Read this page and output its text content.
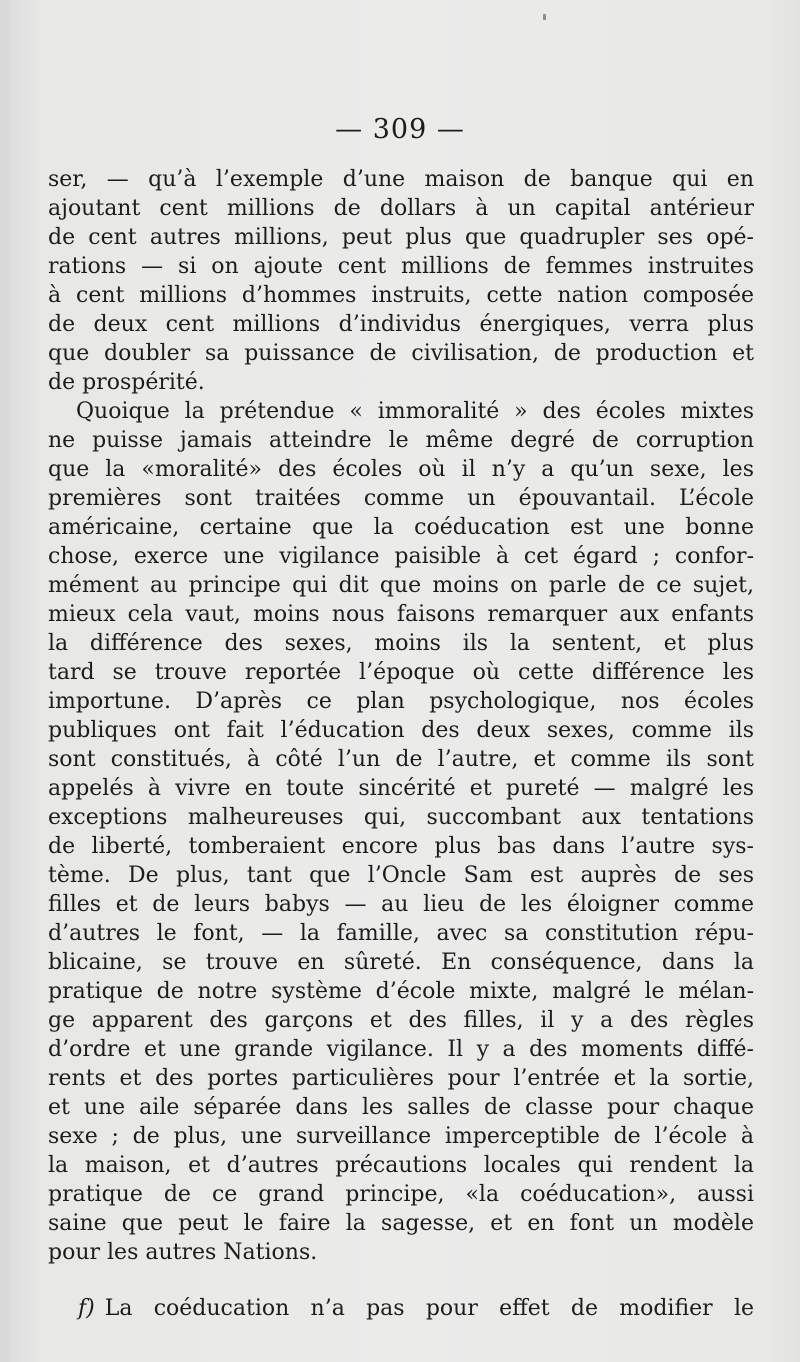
— 309 —
ser, — qu’à l’exemple d’une maison de banque qui en
ajoutant cent millions de dollars à un capital antérieur
de cent autres millions, peut plus que quadrupler ses opé-
rations — si on ajoute cent millions de femmes instruites
à cent millions d’hommes instruits, cette nation composée
de deux cent millions d’individus énergiques, verra plus
que doubler sa puissance de civilisation, de production et
de prospérité.
Quoique la prétendue « immoralité » des écoles mixtes
ne puisse jamais atteindre le même degré de corruption
que la «moralité» des écoles où il n’y a qu’un sexe, les
premières sont traitées comme un épouvantail. L’école
américaine, certaine que la coéducation est une bonne
chose, exerce une vigilance paisible à cet égard ; confor-
mément au principe qui dit que moins on parle de ce sujet,
mieux cela vaut, moins nous faisons remarquer aux enfants
la différence des sexes, moins ils la sentent, et plus
tard se trouve reportée l’époque où cette différence les
importune. D’après ce plan psychologique, nos écoles
publiques ont fait l’éducation des deux sexes, comme ils
sont constitués, à côté l’un de l’autre, et comme ils sont
appelés à vivre en toute sincérité et pureté — malgré les
exceptions malheureuses qui, succombant aux tentations
de liberté, tomberaient encore plus bas dans l’autre sys-
tème. De plus, tant que l’Oncle Sam est auprès de ses
filles et de leurs babys — au lieu de les éloigner comme
d’autres le font, — la famille, avec sa constitution répu-
blicaine, se trouve en sûreté. En conséquence, dans la
pratique de notre système d’école mixte, malgré le mélan-
ge apparent des garçons et des filles, il y a des règles
d’ordre et une grande vigilance. Il y a des moments diffé-
rents et des portes particulières pour l’entrée et la sortie,
et une aile séparée dans les salles de classe pour chaque
sexe ; de plus, une surveillance imperceptible de l’école à
la maison, et d’autres précautions locales qui rendent la
pratique de ce grand principe, «la coéducation», aussi
saine que peut le faire la sagesse, et en font un modèle
pour les autres Nations.
f) La coéducation n’a pas pour effet de modifier le
